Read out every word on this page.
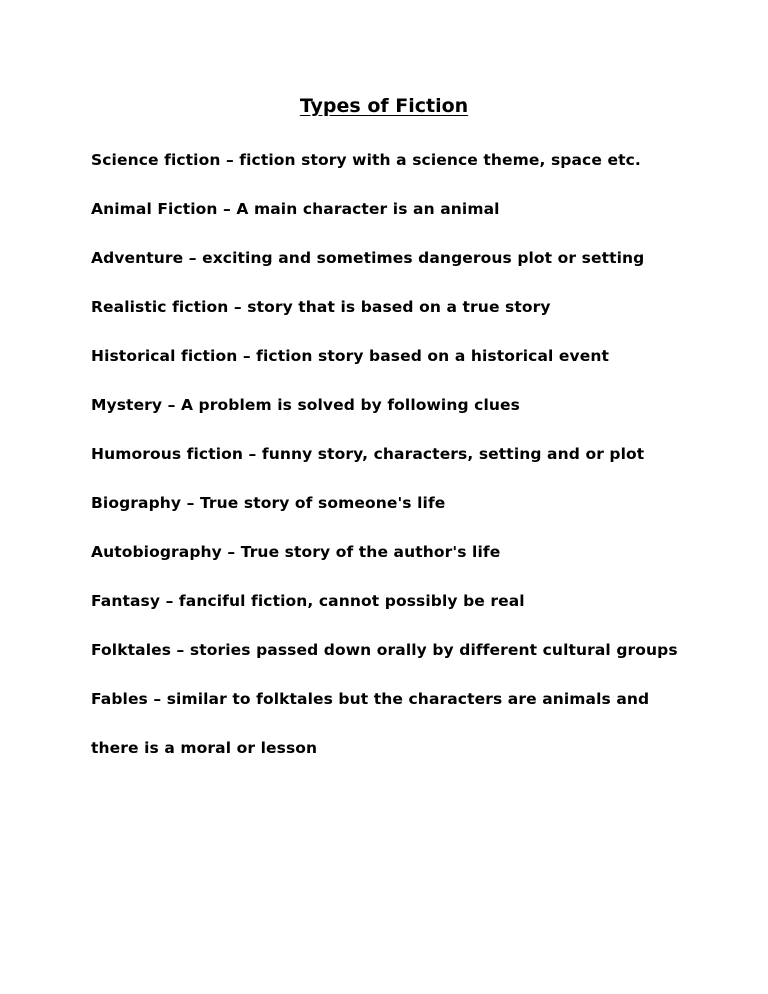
Types of Fiction
Science fiction – fiction story with a science theme, space etc.
Animal Fiction – A main character is an animal
Adventure – exciting and sometimes dangerous plot or setting
Realistic fiction – story that is based on a true story
Historical fiction – fiction story based on a historical event
Mystery – A problem is solved by following clues
Humorous fiction – funny story, characters, setting and or plot
Biography – True story of someone's life
Autobiography – True story of the author's life
Fantasy – fanciful fiction, cannot possibly be real
Folktales – stories passed down orally by different cultural groups
Fables – similar to folktales but the characters are animals and
there is a moral or lesson
